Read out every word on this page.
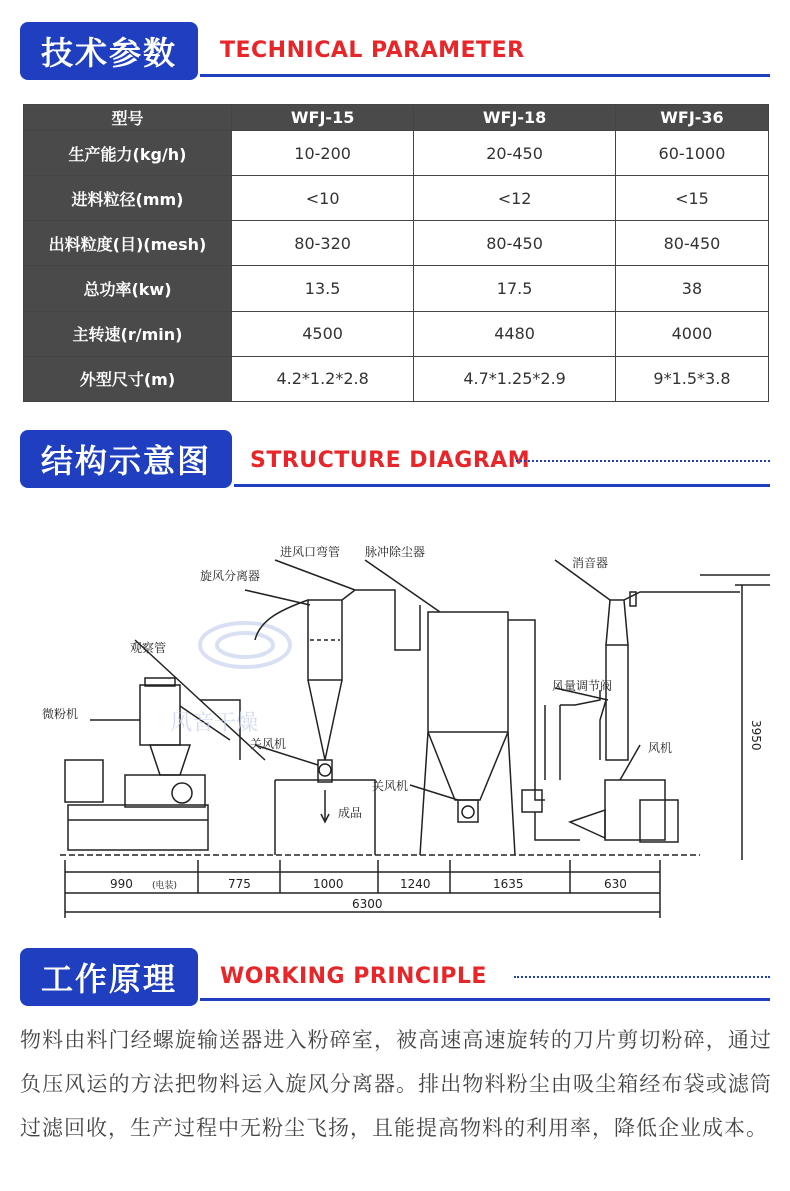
技术参数	TECHNICAL PARAMETER
型号	WFJ-15	WFJ-18	WFJ-36
生产能力(kg/h)	10-200	20-450	60-1000
进料粒径(mm)	<10	<12	<15
出料粒度(目)(mesh)	80-320	80-450	80-450
总功率(kw)	13.5	17.5	38
主转速(r/min)	4500	4480	4000
外型尺寸(m)	4.2*1.2*2.8	4.7*1.25*2.9	9*1.5*3.8
结构示意图	STRUCTURE DIAGRAM
进风口弯管 脉冲除尘器
消音器
旋风分离器
观察管
微粉机
关风机
成品
关风机
风量调节阀
风机	3950
990 (电装)	775	1000	1240	1635	630
6300
风音干燥
工作原理	WORKING PRINCIPLE
物料由料门经螺旋输送器进入粉碎室，被高速高速旋转的刀片剪切粉碎，通过负压风运的方法把物料运入旋风分离器。排出物料粉尘由吸尘箱经布袋或滤筒过滤回收，生产过程中无粉尘飞扬，且能提高物料的利用率，降低企业成本。
